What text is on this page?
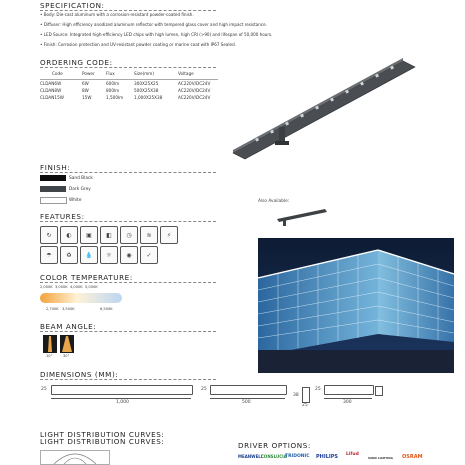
SPECIFICATION:
• Body: Die-cast aluminum with a corrosion-resistant powder-coated finish.
• Diffuser: High efficiency anodized aluminum reflector with tempered glass cover and high impact resistance.
• LED Source: Integrated high-efficiency LED chips with high lumen, high CRI (>90) and lifespan of 50,000 hours.
• Finish: Corrosion protection and UV-resistant powder coating or marine coat with IP67 Sealed.
ORDERING CODE:
Code	Power	Flux	Size(mm)	Voltage
CLDAN6W	6W	600lm	300X25X25	AC220V/DC24V
CLDAN8W	8W	800lm	500X25X38	AC220V/DC24V
CLDAN15W	15W	1,500lm	1,000X25X38	AC220V/DC24V
FINISH:
Sand Black
Dark Grey
White	Also Available:
FEATURES:
↻	◐	▣	◧	◷	≋	⚡
☂	♻	💧	☼	◉	✓
COLOR TEMPERATURE:
2,000K 3,000K 4,000K 5,000K
2,700K 3,500K	6,500K
BEAM ANGLE:
10°	30°
DIMENSIONS (MM):
25
1,000
25
500
38
25
25
300
LIGHT DISTRIBUTION CURVES:
LIGHT DISTRIBUTION CURVES:	DRIVER OPTIONS:
MEANWELL
CONSLUCIA
TRIDONIC PHILIPS Lifud
SAND LIGHTING OSRAM
